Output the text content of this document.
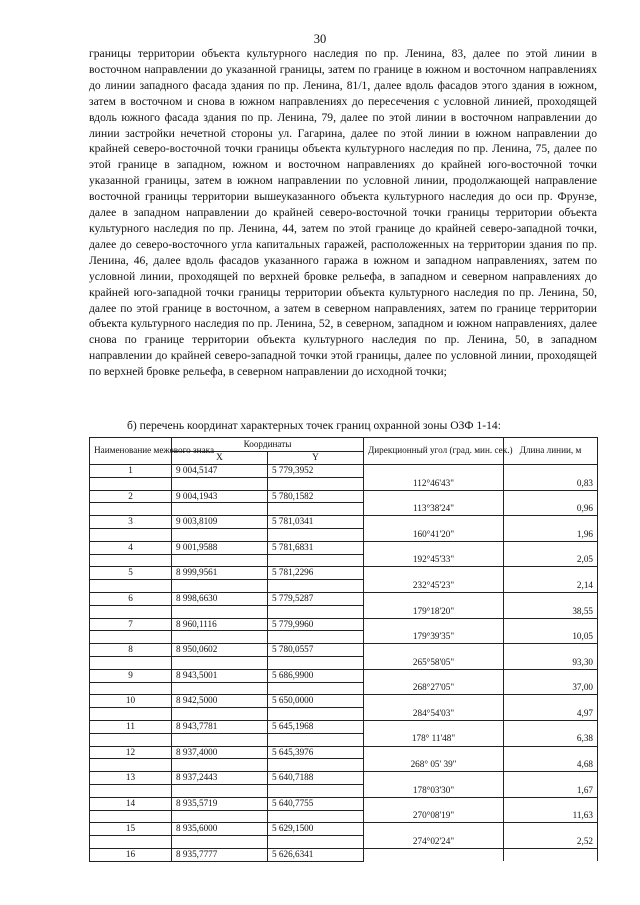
30

границы территории объекта культурного наследия по пр. Ленина, 83, далее по этой линии в восточном направлении до указанной границы, затем по границе в южном и восточном направлениях до линии западного фасада здания по пр. Ленина, 81/1, далее вдоль фасадов этого здания в южном, затем в восточном и снова в южном направлениях до пересечения с условной линией, проходящей вдоль южного фасада здания по пр. Ленина, 79, далее по этой линии в восточном направлении до линии застройки нечетной стороны ул. Гагарина, далее по этой линии в южном направлении до крайней северо-восточной точки границы объекта культурного наследия по пр. Ленина, 75, далее по этой границе в западном, южном и восточном направлениях до крайней юго-восточной точки указанной границы, затем в южном направлении по условной линии, продолжающей направление восточной границы территории вышеуказанного объекта культурного наследия до оси пр. Фрунзе, далее в западном направлении до крайней северо-восточной точки границы территории объекта культурного наследия по пр. Ленина, 44, затем по этой границе до крайней северо-западной точки, далее до северо-восточного угла капитальных гаражей, расположенных на территории здания по пр. Ленина, 46, далее вдоль фасадов указанного гаража в южном и западном направлениях, затем по условной линии, проходящей по верхней бровке рельефа, в западном и северном направлениях до крайней юго-западной точки границы территории объекта культурного наследия по пр. Ленина, 50, далее по этой границе в восточном, а затем в северном направлениях, затем по границе территории объекта культурного наследия по пр. Ленина, 52, в северном, западном и южном направлениях, далее снова по границе территории объекта культурного наследия по пр. Ленина, 50, в западном направлении до крайней северо-западной точки этой границы, далее по условной линии, проходящей по верхней бровке рельефа, в северном направлении до исходной точки;

б) перечень координат характерных точек границ охранной зоны ОЗФ 1-14:
Наименование межевого знака	Координаты		Дирекционный угол (град. мин. сек.)	Длина линии, м
	X	Y		
1	9 004,5147	5 779,3952		
			112°46'43"	0,83
2	9 004,1943	5 780,1582		
			113°38'24"	0,96
3	9 003,8109	5 781,0341		
			160°41'20"	1,96
4	9 001,9588	5 781,6831		
			192°45'33"	2,05
5	8 999,9561	5 781,2296		
			232°45'23"	2,14
6	8 998,6630	5 779,5287		
			179°18'20"	38,55
7	8 960,1116	5 779,9960		
			179°39'35"	10,05
8	8 950,0602	5 780,0557		
			265°58'05"	93,30
9	8 943,5001	5 686,9900		
			268°27'05"	37,00
10	8 942,5000	5 650,0000		
			284°54'03"	4,97
11	8 943,7781	5 645,1968		
			178° 11'48"	6,38
12	8 937,4000	5 645,3976		
			268° 05' 39"	4,68
13	8 937,2443	5 640,7188		
			178°03'30"	1,67
14	8 935,5719	5 640,7755		
			270°08'19"	11,63
15	8 935,6000	5 629,1500		
			274°02'24"	2,52
16	8 935,7777	5 626,6341		
